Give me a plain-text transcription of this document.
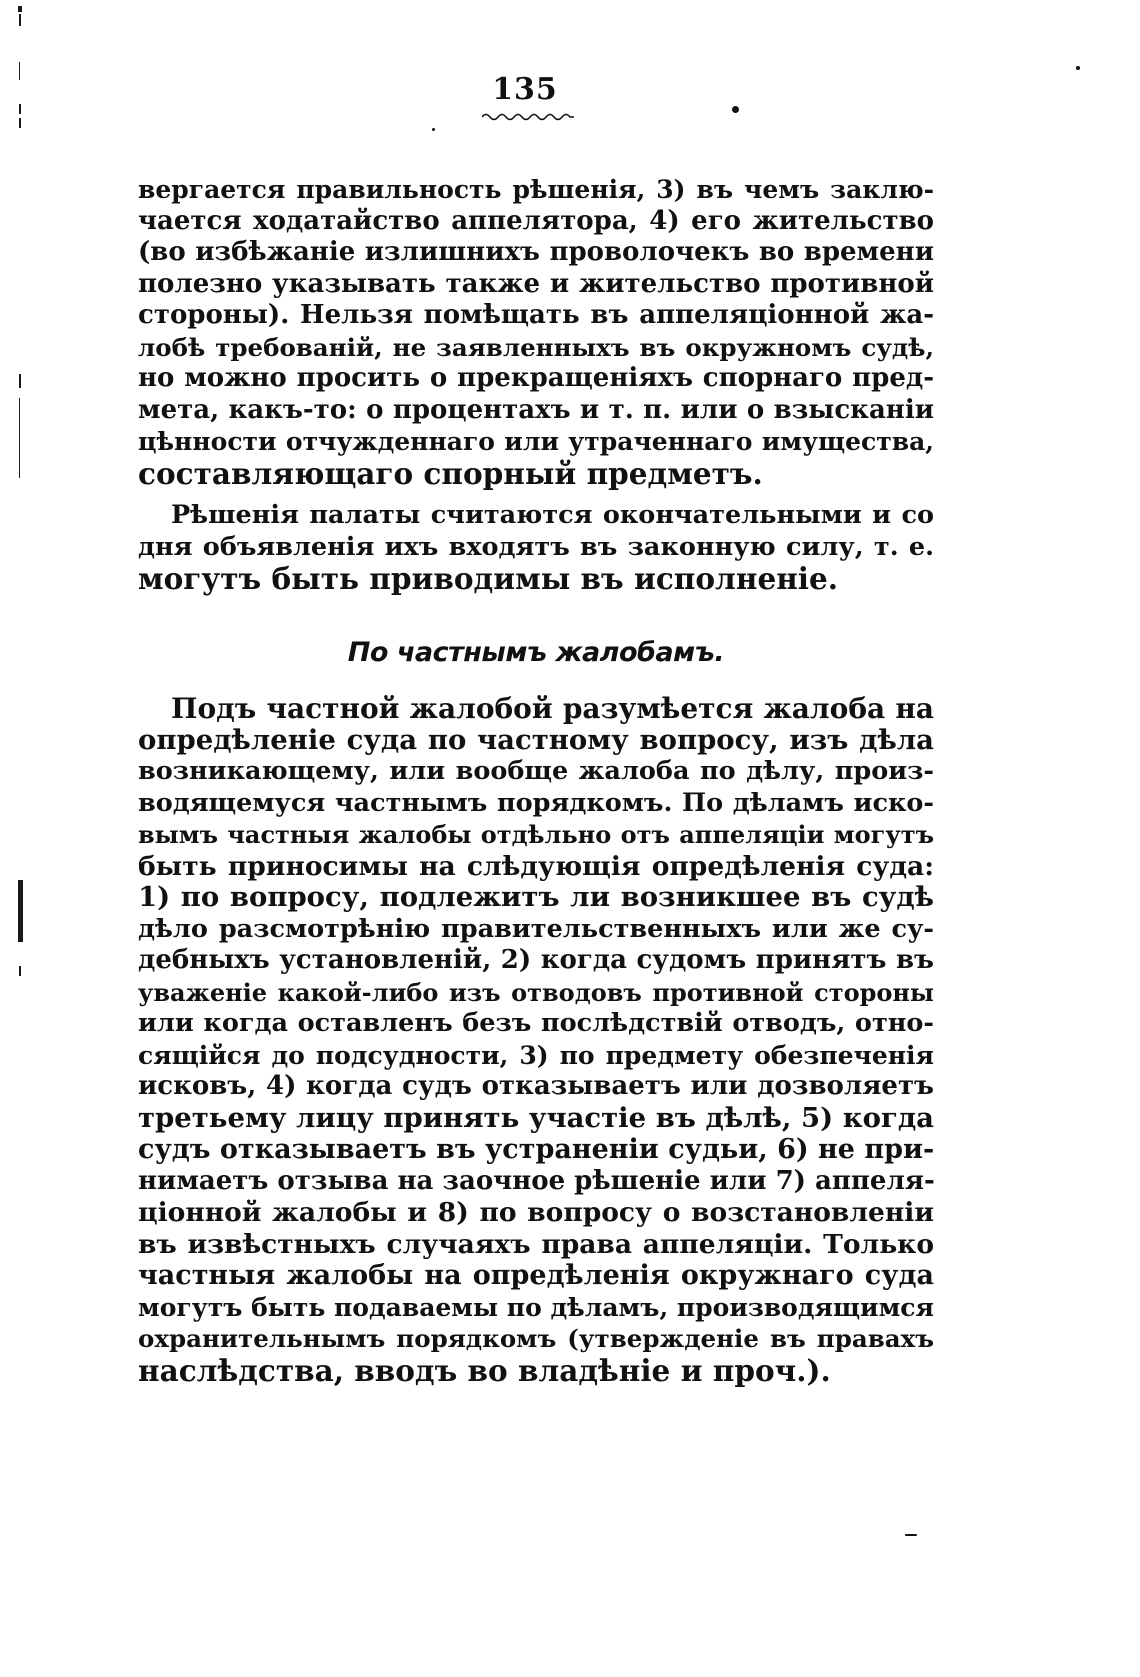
135
вергается правильность рѣшенія, 3) въ чемъ заклю-
чается ходатайство аппелятора, 4) его жительство
(во избѣжаніе излишнихъ проволочекъ во времени
полезно указывать также и жительство противной
стороны). Нельзя помѣщать въ аппеляціонной жа-
лобѣ требованій, не заявленныхъ въ окружномъ судѣ,
но можно просить о прекращеніяхъ спорнаго пред-
мета, какъ-то: о процентахъ и т. п. или о взысканіи
цѣнности отчужденнаго или утраченнаго имущества,
составляющаго спорный предметъ.
Рѣшенія палаты считаются окончательными и со
дня объявленія ихъ входятъ въ законную силу, т. е.
могутъ быть приводимы въ исполненіе.
По частнымъ жалобамъ.
Подъ частной жалобой разумѣется жалоба на
опредѣленіе суда по частному вопросу, изъ дѣла
возникающему, или вообще жалоба по дѣлу, произ-
водящемуся частнымъ порядкомъ. По дѣламъ иско-
вымъ частныя жалобы отдѣльно отъ аппеляціи могутъ
быть приносимы на слѣдующія опредѣленія суда:
1) по вопросу, подлежитъ ли возникшее въ судѣ
дѣло разсмотрѣнію правительственныхъ или же су-
дебныхъ установленій, 2) когда судомъ принятъ въ
уваженіе какой-либо изъ отводовъ противной стороны
или когда оставленъ безъ послѣдствій отводъ, отно-
сящійся до подсудности, 3) по предмету обезпеченія
исковъ, 4) когда судъ отказываетъ или дозволяетъ
третьему лицу принять участіе въ дѣлѣ, 5) когда
судъ отказываетъ въ устраненіи судьи, 6) не при-
нимаетъ отзыва на заочное рѣшеніе или 7) аппеля-
ціонной жалобы и 8) по вопросу о возстановленіи
въ извѣстныхъ случаяхъ права аппеляціи. Только
частныя жалобы на опредѣленія окружнаго суда
могутъ быть подаваемы по дѣламъ, производящимся
охранительнымъ порядкомъ (утвержденіе въ правахъ
наслѣдства, вводъ во владѣніе и проч.).
